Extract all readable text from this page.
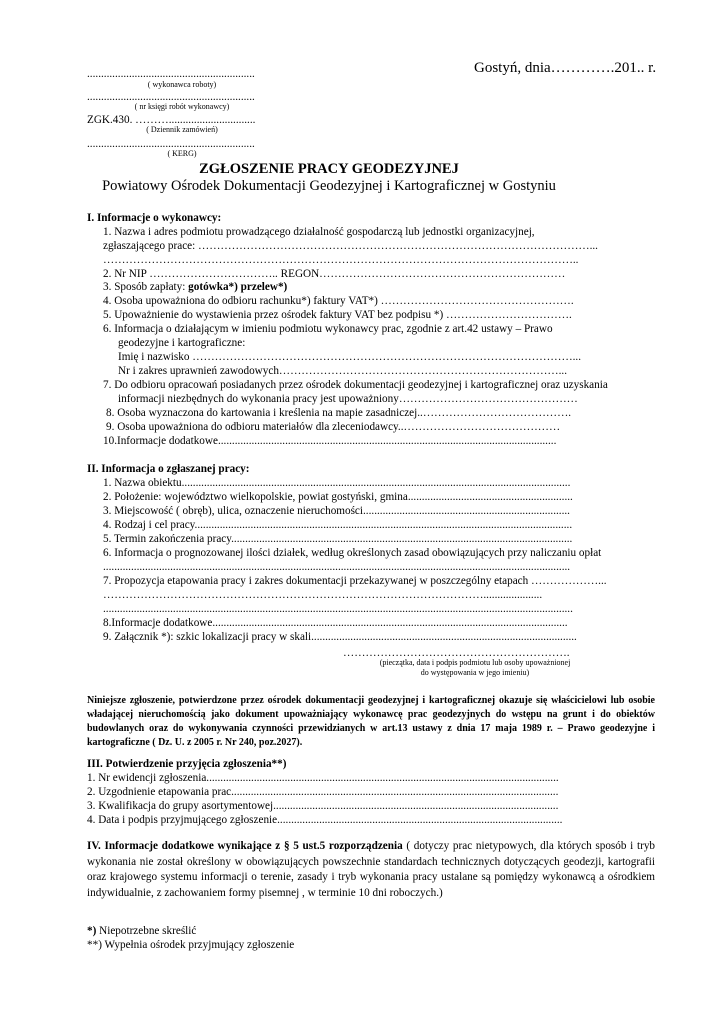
Gostyń, dnia………….201.. r.
............................................................
( wykonawca roboty)
............................................................
( nr księgi robót wykonawcy)
ZGK.430. ………...............................
( Dziennik zamówień)
............................................................
( KERG)
ZGŁOSZENIE PRACY GEODEZYJNEJ
Powiatowy Ośrodek Dokumentacji Geodezyjnej i Kartograficznej w Gostyniu
I. Informacje o wykonawcy:
1. Nazwa i adres podmiotu prowadzącego działalność gospodarczą lub jednostki organizacyjnej,
zgłaszającego prace: ……………………………………………………………………………………………...
………………………………………………………………………………………………………………..
2. Nr NIP …………………………….. REGON…………………………………………………………
3. Sposób zapłaty: gotówka*) przelew*)
4. Osoba upoważniona do odbioru rachunku*) faktury VAT*) …………………………………………….
5. Upoważnienie do wystawienia przez ośrodek faktury VAT bez podpisu *) …………………………….
6. Informacja o działającym w imieniu podmiotu wykonawcy prac, zgodnie z art.42 ustawy – Prawo
geodezyjne i kartograficzne:
Imię i nazwisko …………………………………………………………………………………………...
Nr i zakres uprawnień zawodowych…………………………………………………………………...
7. Do odbioru opracowań posiadanych przez ośrodek dokumentacji geodezyjnej i kartograficznej oraz uzyskania
informacji niezbędnych do wykonania pracy jest upoważniony…………………………………………
8. Osoba wyznaczona do kartowania i kreślenia na mapie zasadniczej..………………………………….
9. Osoba upoważniona do odbioru materiałów dla zleceniodawcy..……………………………………
10.Informacje dodatkowe.........................................................................................................................
II. Informacja o zgłaszanej pracy:
1. Nazwa obiektu...........................................................................................................................................
2. Położenie: województwo wielkopolskie, powiat gostyński, gmina...........................................................
3. Miejscowość ( obręb), ulica, oznaczenie nieruchomości..........................................................................
4. Rodzaj i cel pracy.......................................................................................................................................
5. Termin zakończenia pracy..........................................................................................................................
6. Informacja o prognozowanej ilości działek, według określonych zasad obowiązujących przy naliczaniu opłat
.......................................................................................................................................................................
7. Propozycja etapowania pracy i zakres dokumentacji przekazywanej w poszczególny etapach ………………...
………………………………………………………………………………………….....................
........................................................................................................................................................................
8.Informacje dodatkowe...............................................................................................................................
9. Załącznik *): szkic lokalizacji pracy w skali...............................................................................................
…………………………………………………….
(pieczątka, data i podpis podmiotu lub osoby upoważnionej
do występowania w jego imieniu)
Niniejsze zgłoszenie, potwierdzone przez ośrodek dokumentacji geodezyjnej i kartograficznej okazuje się właścicielowi lub osobie władającej nieruchomością jako dokument upoważniający wykonawcę prac geodezyjnych do wstępu na grunt i do obiektów budowlanych oraz do wykonywania czynności przewidzianych w art.13 ustawy z dnia 17 maja 1989 r. – Prawo geodezyjne i kartograficzne ( Dz. U. z 2005 r. Nr 240, poz.2027).
III. Potwierdzenie przyjęcia zgłoszenia**)
1. Nr ewidencji zgłoszenia..............................................................................................................................
2. Uzgodnienie etapowania prac.....................................................................................................................
3. Kwalifikacja do grupy asortymentowej......................................................................................................
4. Data i podpis przyjmującego zgłoszenie......................................................................................................
IV. Informacje dodatkowe wynikające z § 5 ust.5 rozporządzenia ( dotyczy prac nietypowych, dla których sposób i tryb wykonania nie został określony w obowiązujących powszechnie standardach technicznych dotyczących geodezji, kartografii oraz krajowego systemu informacji o terenie, zasady i tryb wykonania pracy ustalane są pomiędzy wykonawcą a ośrodkiem indywidualnie, z zachowaniem formy pisemnej , w terminie 10 dni roboczych.)
*) Niepotrzebne skreślić
**) Wypełnia ośrodek przyjmujący zgłoszenie
